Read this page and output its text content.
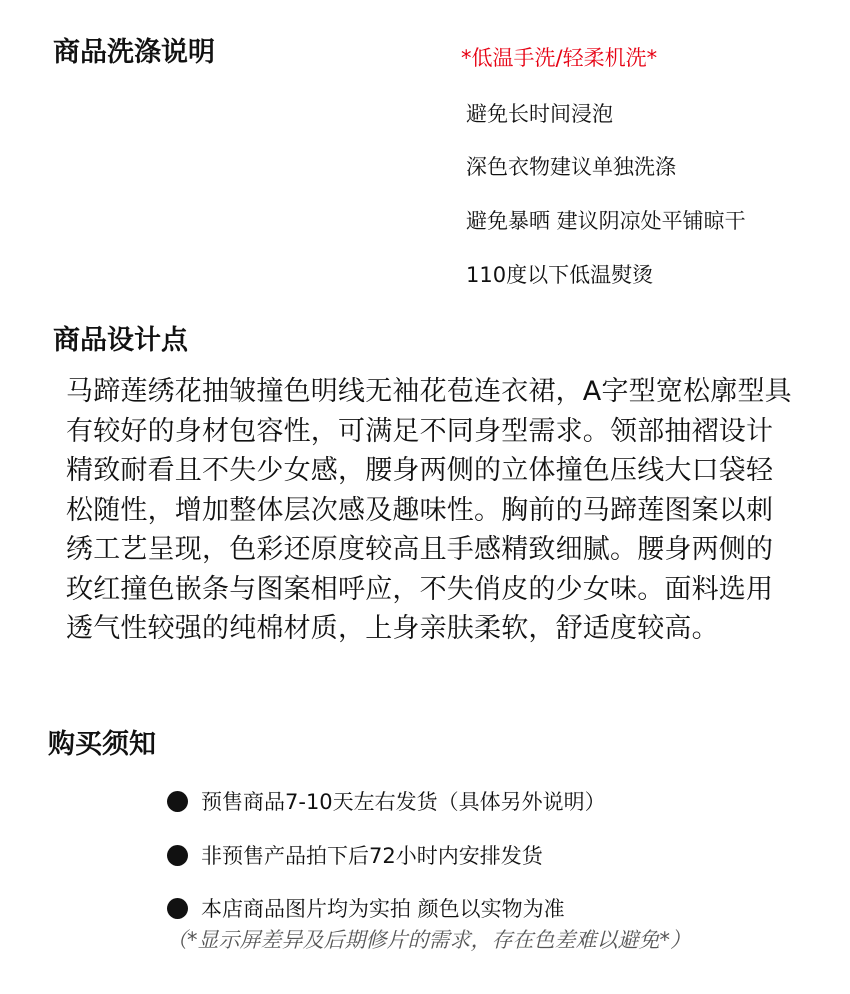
商品洗涤说明	*低温手洗/轻柔机洗*
避免长时间浸泡
深色衣物建议单独洗涤
避免暴晒 建议阴凉处平铺晾干
110度以下低温熨烫
商品设计点
马蹄莲绣花抽皱撞色明线无袖花苞连衣裙，A字型宽松廓型具有较好的身材包容性，可满足不同身型需求。领部抽褶设计精致耐看且不失少女感，腰身两侧的立体撞色压线大口袋轻松随性，增加整体层次感及趣味性。胸前的马蹄莲图案以刺绣工艺呈现，色彩还原度较高且手感精致细腻。腰身两侧的玫红撞色嵌条与图案相呼应，不失俏皮的少女味。面料选用透气性较强的纯棉材质，上身亲肤柔软，舒适度较高。
购买须知
预售商品7-10天左右发货（具体另外说明）
非预售产品拍下后72小时内安排发货
本店商品图片均为实拍 颜色以实物为准
（*显示屏差异及后期修片的需求，存在色差难以避免*）
